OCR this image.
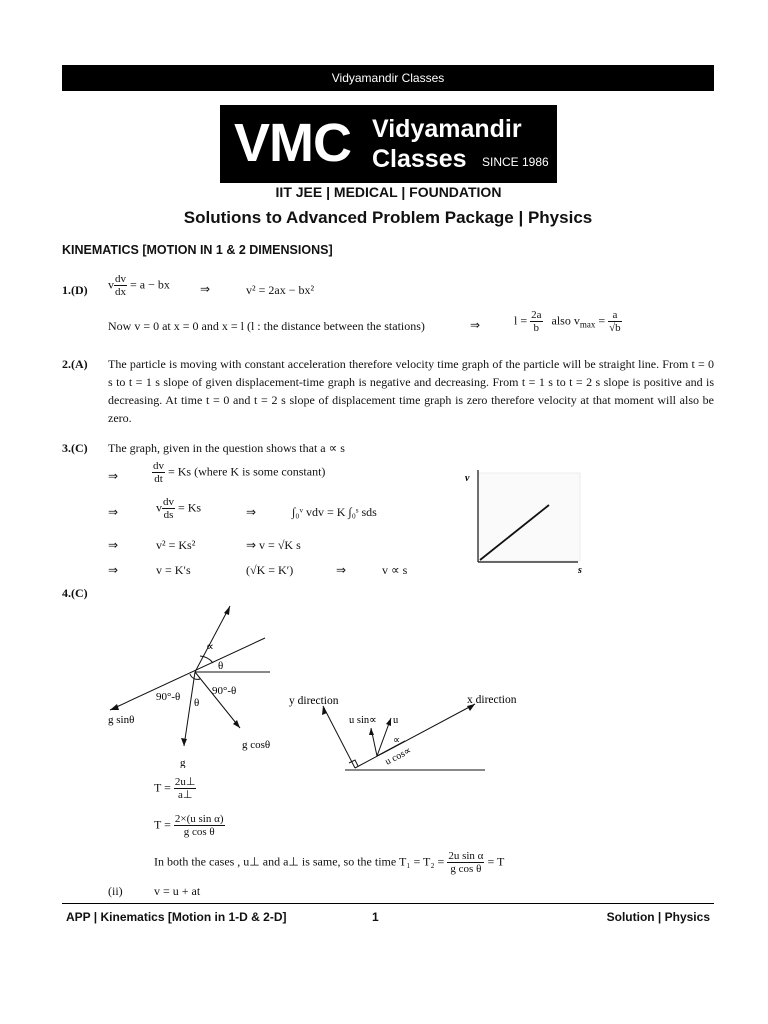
Vidyamandir Classes
VMC Vidyamandir
Classes SINCE 1986
IIT JEE | MEDICAL | FOUNDATION
Solutions to Advanced Problem Package | Physics
KINEMATICS [MOTION IN 1 & 2 DIMENSIONS]
1.(D) v $\frac{dv}{dx} = a$ − bx	⇒	v² = 2ax − bx²
Now v = 0 at x = 0 and x = l (l : the distance between the stations)	⇒	$l = \frac{2a}{b}$ also $v_{max} = \frac{a}{√b}$
2.(A) The particle is moving with constant acceleration therefore velocity time graph of the particle will be straight line. From t = 0 s to t = 1 s slope of given displacement-time graph is negative and decreasing. From t = 1 s to t = 2 s slope is positive and is decreasing. At time t = 0 and t = 2 s slope of displacement time graph is zero therefore velocity at that moment will also be zero.
3.(C) The graph, given in the question shows that a ∝ s
⇒	$\frac{dv}{dt} = Ks$ (where K is some constant)
⇒	v $\frac{dv}{ds} = Ks$	⇒	∫₀ᵛ vdv = K ∫₀ˢ sds
⇒	v² = Ks²	⇒ v = √K s
⇒	v = K′s	(√K = K′)	⇒	v ∝ s
v
s
4.(C)
∝
θ
90°-θ	90°-θ
θ
g sinθ
g cosθ
g
y direction	x direction
u sin∝ u
∝
u cos∝
$T = \frac{2u\perp}{a\perp}$
$T = \frac{\text{2×(u sin α)}}{\text{g cos θ}}$
In both the cases , u⊥ and a⊥ is same, so the time $T_1 = T_2 = \frac{\text{2u sin α}}{\text{g cos θ}} = T$
(ii)	v = u + at
APP | Kinematics [Motion in 1-D & 2-D]	1	Solution | Physics
